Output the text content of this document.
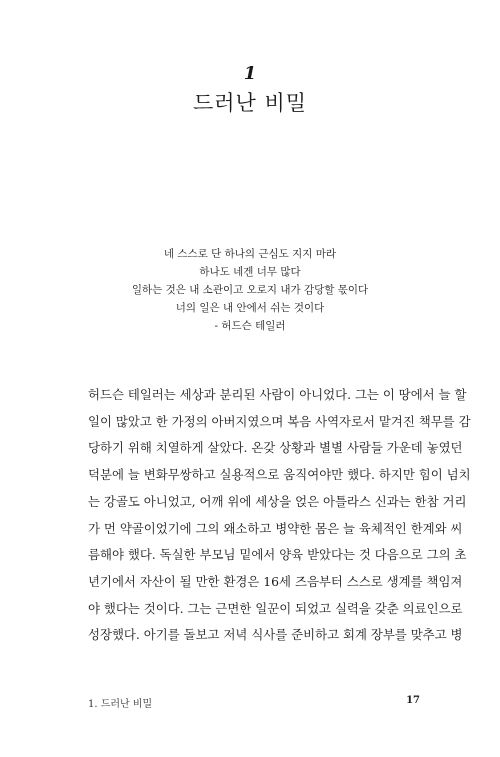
1
드러난 비밀
네 스스로 단 하나의 근심도 지지 마라
하나도 네겐 너무 많다
일하는 것은 내 소관이고 오로지 내가 감당할 몫이다
너의 일은 내 안에서 쉬는 것이다
- 허드슨 테일러
허드슨 테일러는 세상과 분리된 사람이 아니었다. 그는 이 땅에서 늘 할
일이 많았고 한 가정의 아버지였으며 복음 사역자로서 맡겨진 책무를 감
당하기 위해 치열하게 살았다. 온갖 상황과 별별 사람들 가운데 놓였던
덕분에 늘 변화무쌍하고 실용적으로 움직여야만 했다. 하지만 힘이 넘치
는 강골도 아니었고, 어깨 위에 세상을 얹은 아틀라스 신과는 한참 거리
가 먼 약골이었기에 그의 왜소하고 병약한 몸은 늘 육체적인 한계와 씨
름해야 했다. 독실한 부모님 밑에서 양육 받았다는 것 다음으로 그의 초
년기에서 자산이 될 만한 환경은 16세 즈음부터 스스로 생계를 책임져
야 했다는 것이다. 그는 근면한 일꾼이 되었고 실력을 갖춘 의료인으로
성장했다. 아기를 돌보고 저녁 식사를 준비하고 회계 장부를 맞추고 병
1. 드러난 비밀	17
